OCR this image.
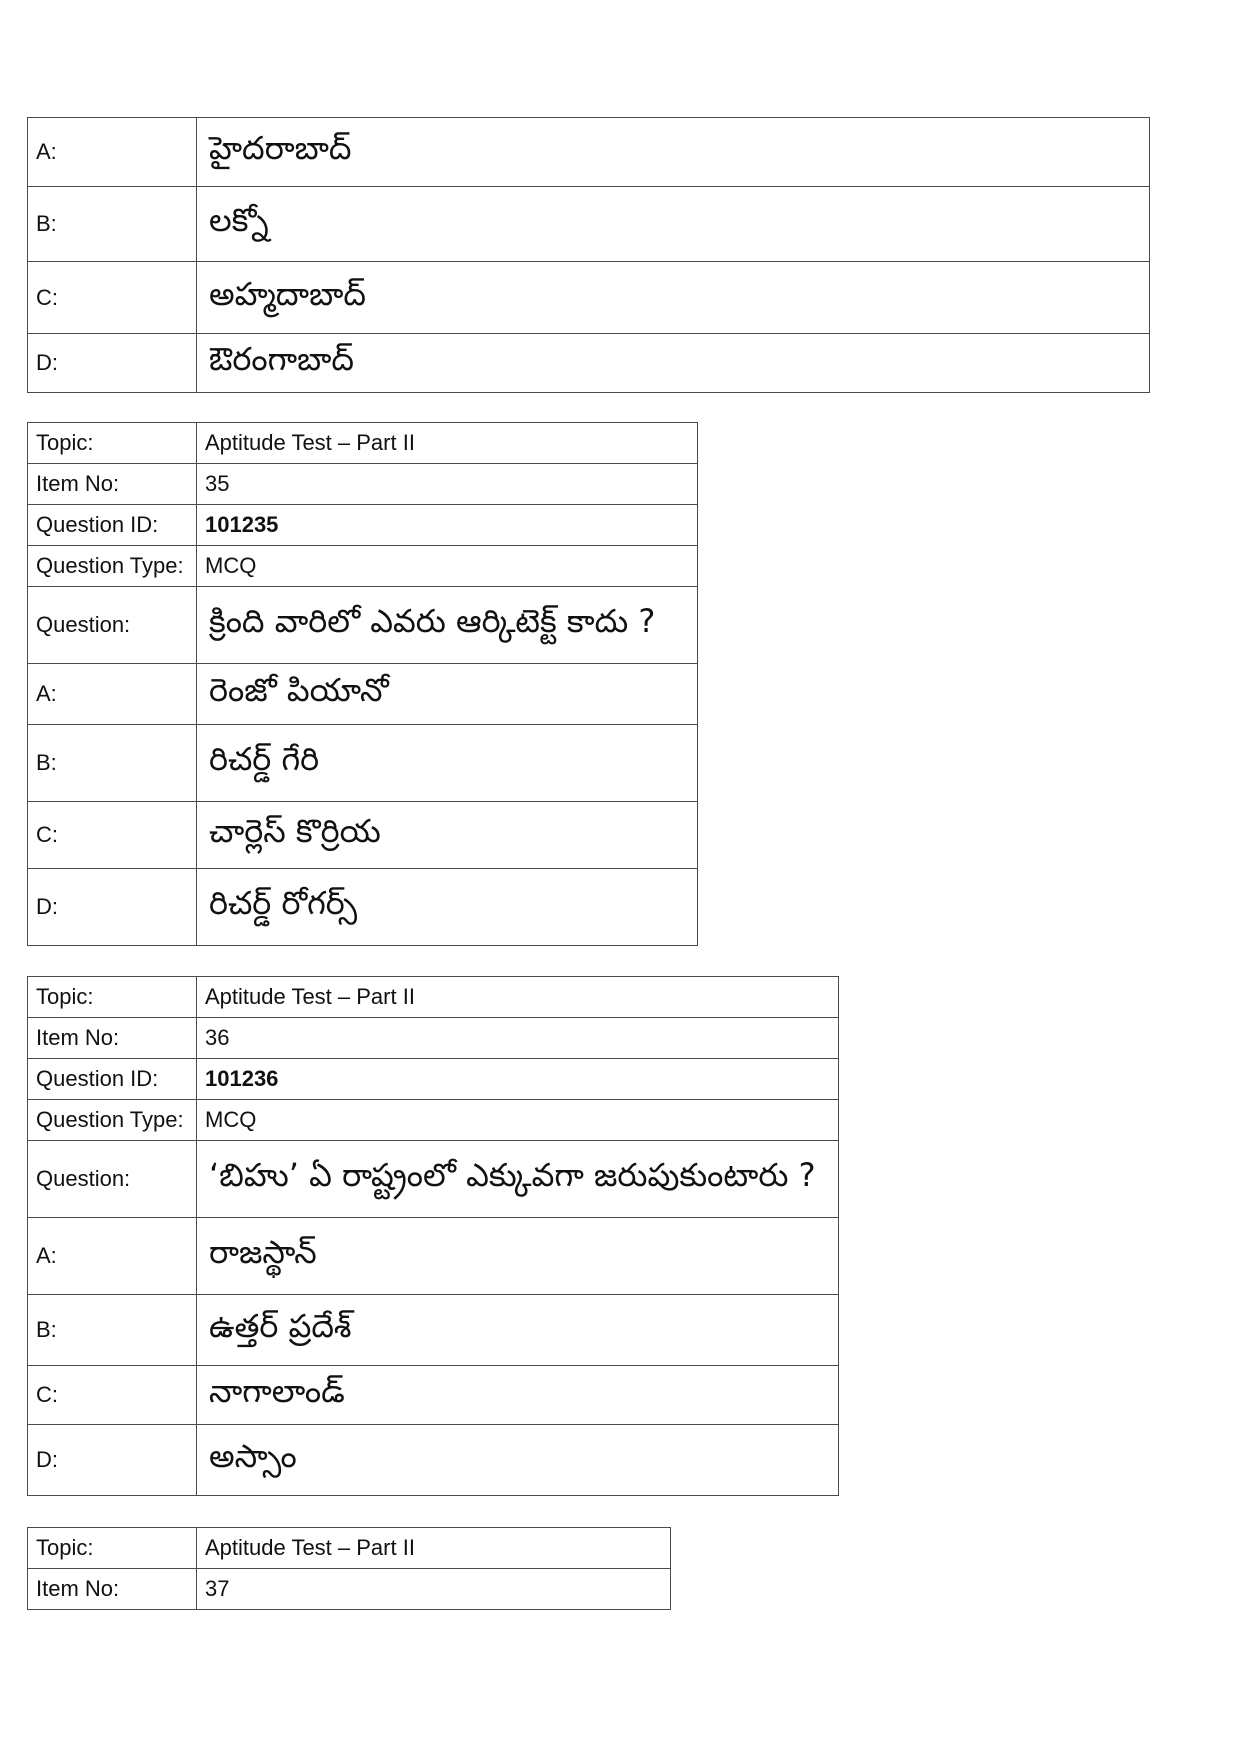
A:	హైదరాబాద్
B:	లక్నో
C:	అహ్మదాబాద్
D:	ఔరంగాబాద్
Topic:	Aptitude Test – Part II
Item No:	35
Question ID:	101235
Question Type:	MCQ
Question:	క్రింది వారిలో ఎవరు ఆర్కిటెక్ట్ కాదు ?
A:	రెంజో పియానో
B:	రిచర్డ్ గేరి
C:	చార్లెస్ కొర్రియ
D:	రిచర్డ్ రోగర్స్
Topic:	Aptitude Test – Part II
Item No:	36
Question ID:	101236
Question Type:	MCQ
Question:	‘బిహు’ ఏ రాష్ట్రంలో ఎక్కువగా జరుపుకుంటారు ?
A:	రాజస్థాన్
B:	ఉత్తర్ ప్రదేశ్
C:	నాగాలాండ్
D:	అస్సాం
Topic:	Aptitude Test – Part II
Item No:	37
